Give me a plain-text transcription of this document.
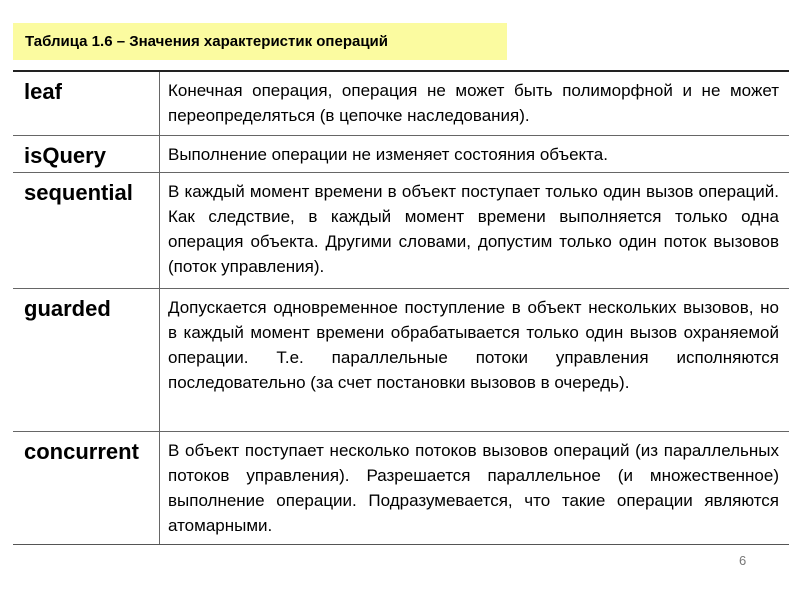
Таблица 1.6 – Значения характеристик операций
leaf	Конечная операция, операция не может быть полиморфной и не может переопределяться (в цепочке наследования).
isQuery	Выполнение операции не изменяет состояния объекта.
sequential	В каждый момент времени в объект поступает только один вызов операций. Как следствие, в каждый момент времени выполняется только одна операция объекта. Другими словами, допустим только один поток вызовов (поток управления).
guarded	Допускается одновременное поступление в объект нескольких вызовов, но в каждый момент времени обрабатывается только один вызов охраняемой операции. Т.е. параллельные потоки управления исполняются последовательно (за счет постановки вызовов в очередь).
concurrent	В объект поступает несколько потоков вызовов операций (из параллельных потоков управления). Разрешается параллельное (и множественное) выполнение операции. Подразумевается, что такие операции являются атомарными.
6
